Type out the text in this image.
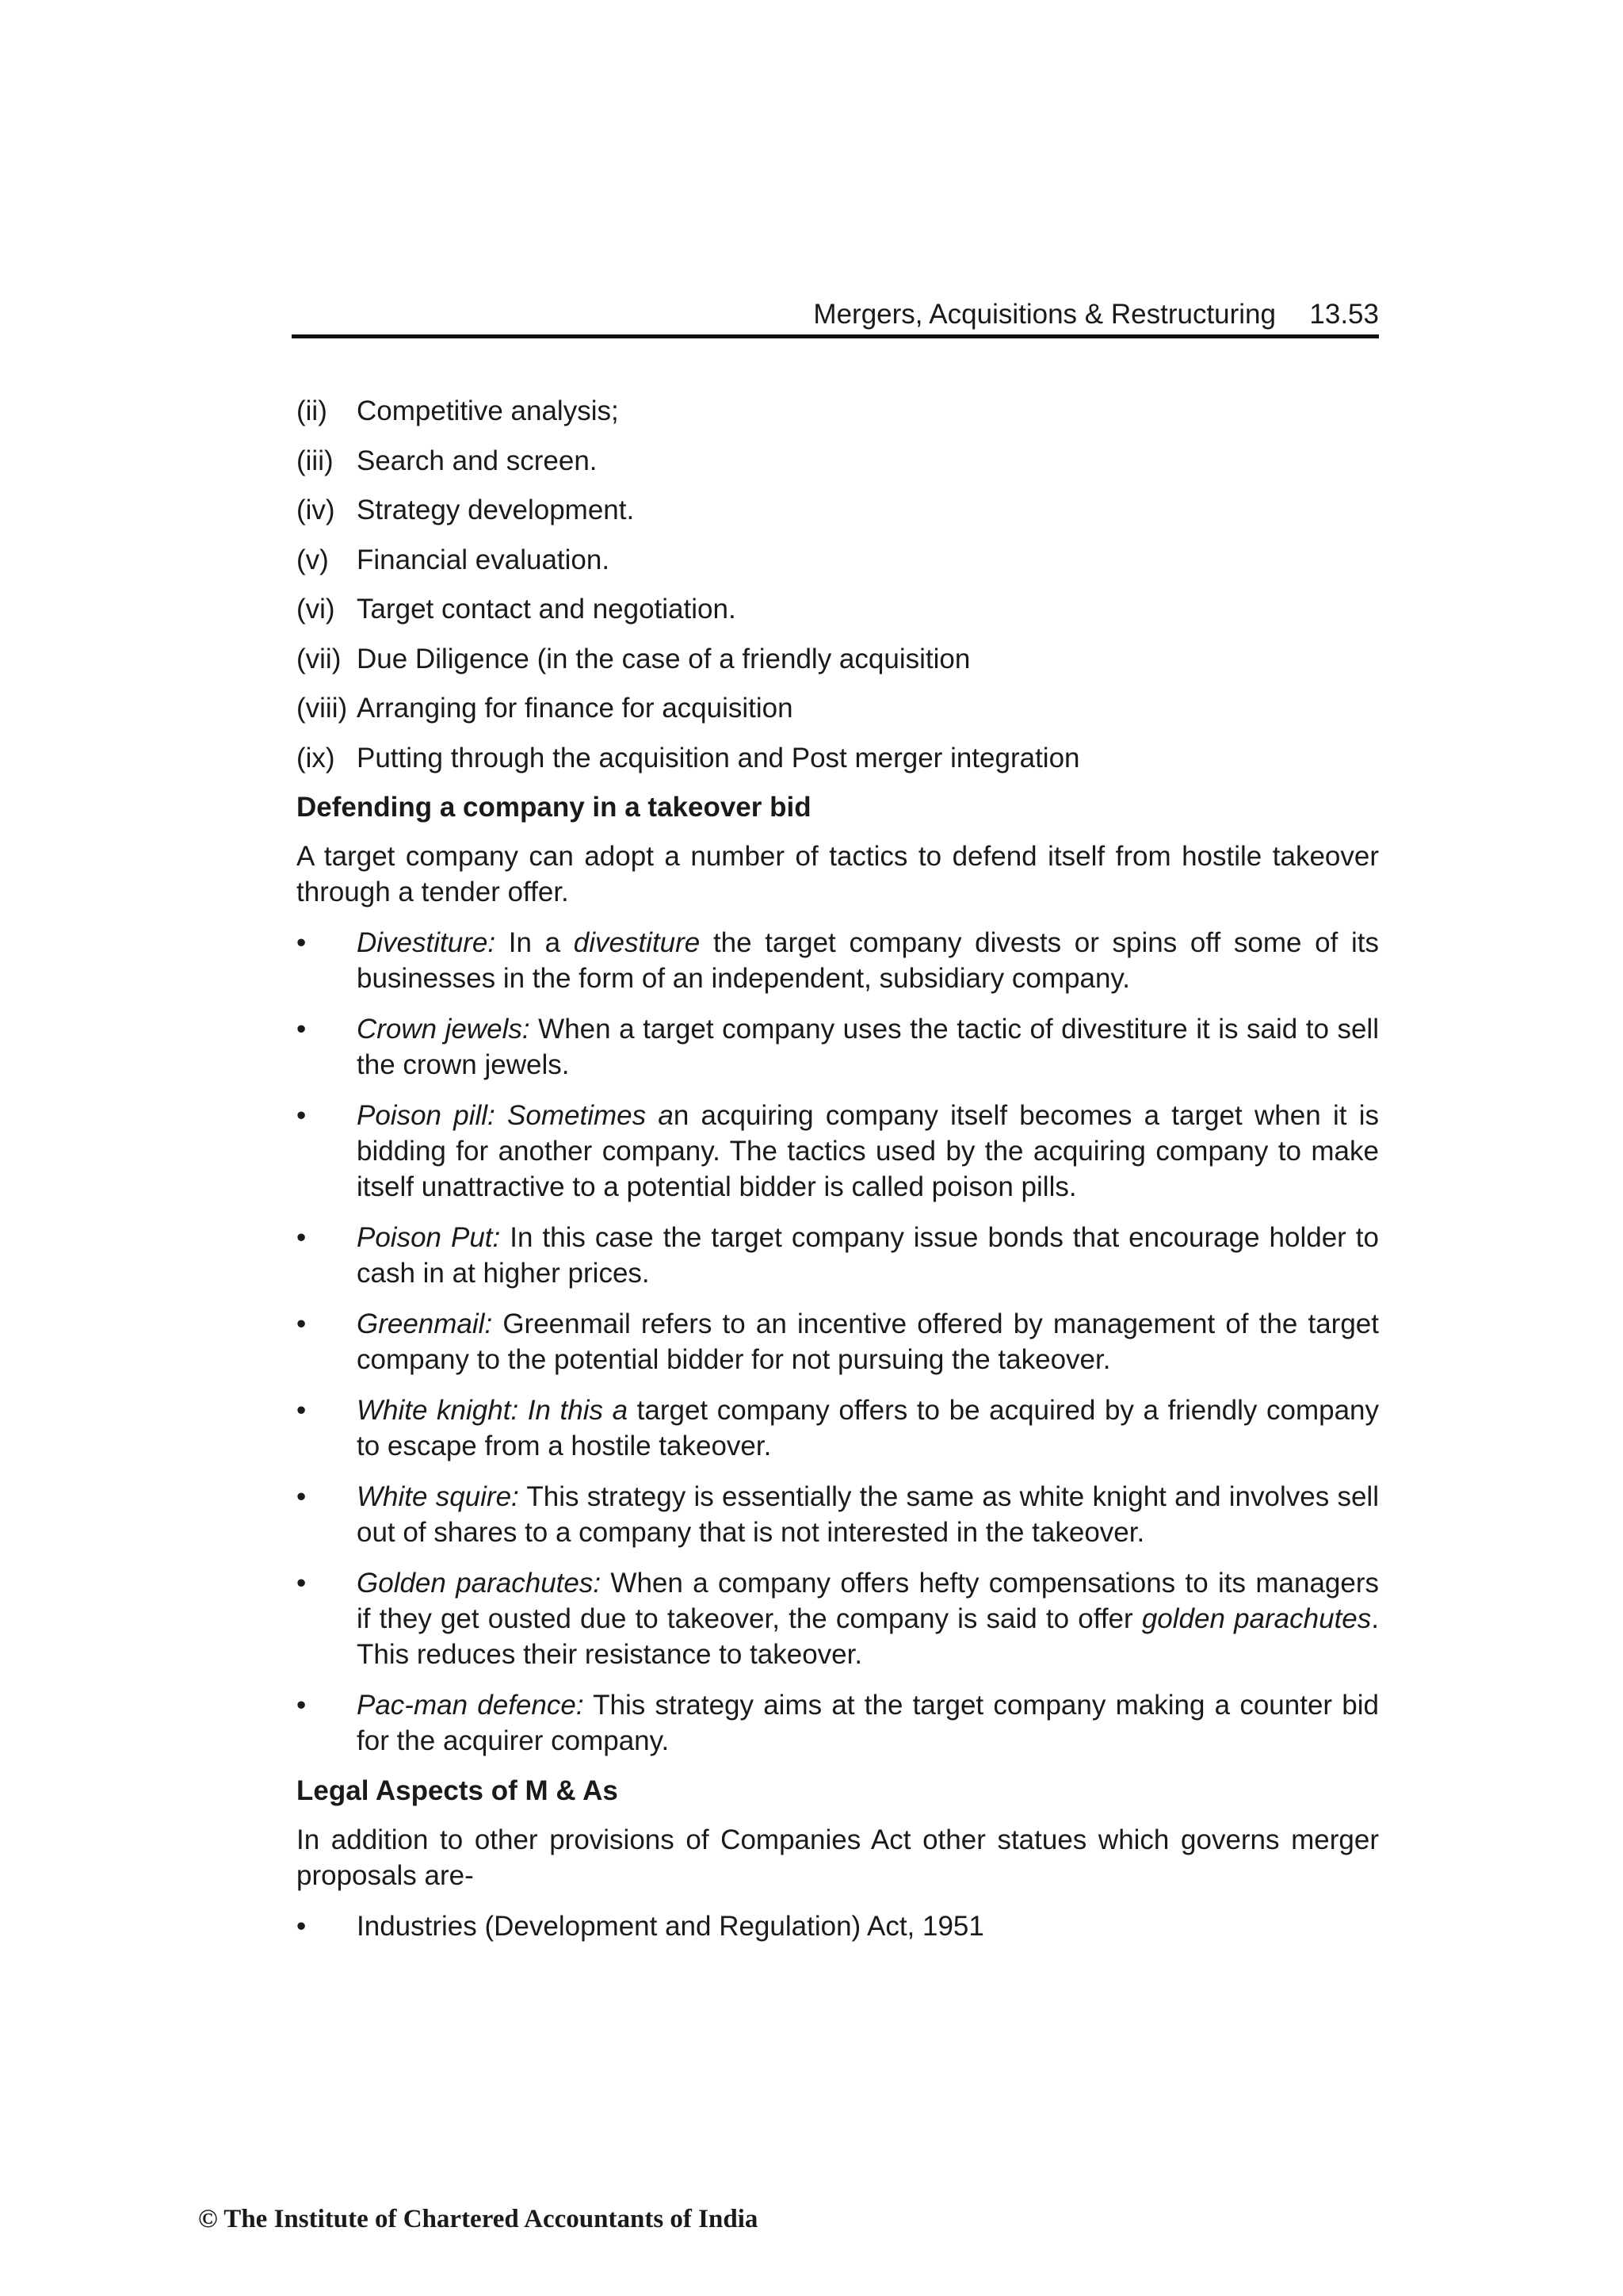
Mergers, Acquisitions & Restructuring 13.53
(ii) Competitive analysis;
(iii) Search and screen.
(iv) Strategy development.
(v) Financial evaluation.
(vi) Target contact and negotiation.
(vii) Due Diligence (in the case of a friendly acquisition
(viii) Arranging for finance for acquisition
(ix) Putting through the acquisition and Post merger integration
Defending a company in a takeover bid

A target company can adopt a number of tactics to defend itself from hostile takeover through a tender offer.

• Divestiture: In a divestiture the target company divests or spins off some of its businesses in the form of an independent, subsidiary company.
• Crown jewels: When a target company uses the tactic of divestiture it is said to sell the crown jewels.
• Poison pill: Sometimes an acquiring company itself becomes a target when it is bidding for another company. The tactics used by the acquiring company to make itself unattractive to a potential bidder is called poison pills.
• Poison Put: In this case the target company issue bonds that encourage holder to cash in at higher prices.
• Greenmail: Greenmail refers to an incentive offered by management of the target company to the potential bidder for not pursuing the takeover.
• White knight: In this a target company offers to be acquired by a friendly company to escape from a hostile takeover.
• White squire: This strategy is essentially the same as white knight and involves sell out of shares to a company that is not interested in the takeover.
• Golden parachutes: When a company offers hefty compensations to its managers if they get ousted due to takeover, the company is said to offer golden parachutes. This reduces their resistance to takeover.
• Pac-man defence: This strategy aims at the target company making a counter bid for the acquirer company.
Legal Aspects of M & As

In addition to other provisions of Companies Act other statues which governs merger proposals are-

• Industries (Development and Regulation) Act, 1951
© The Institute of Chartered Accountants of India
